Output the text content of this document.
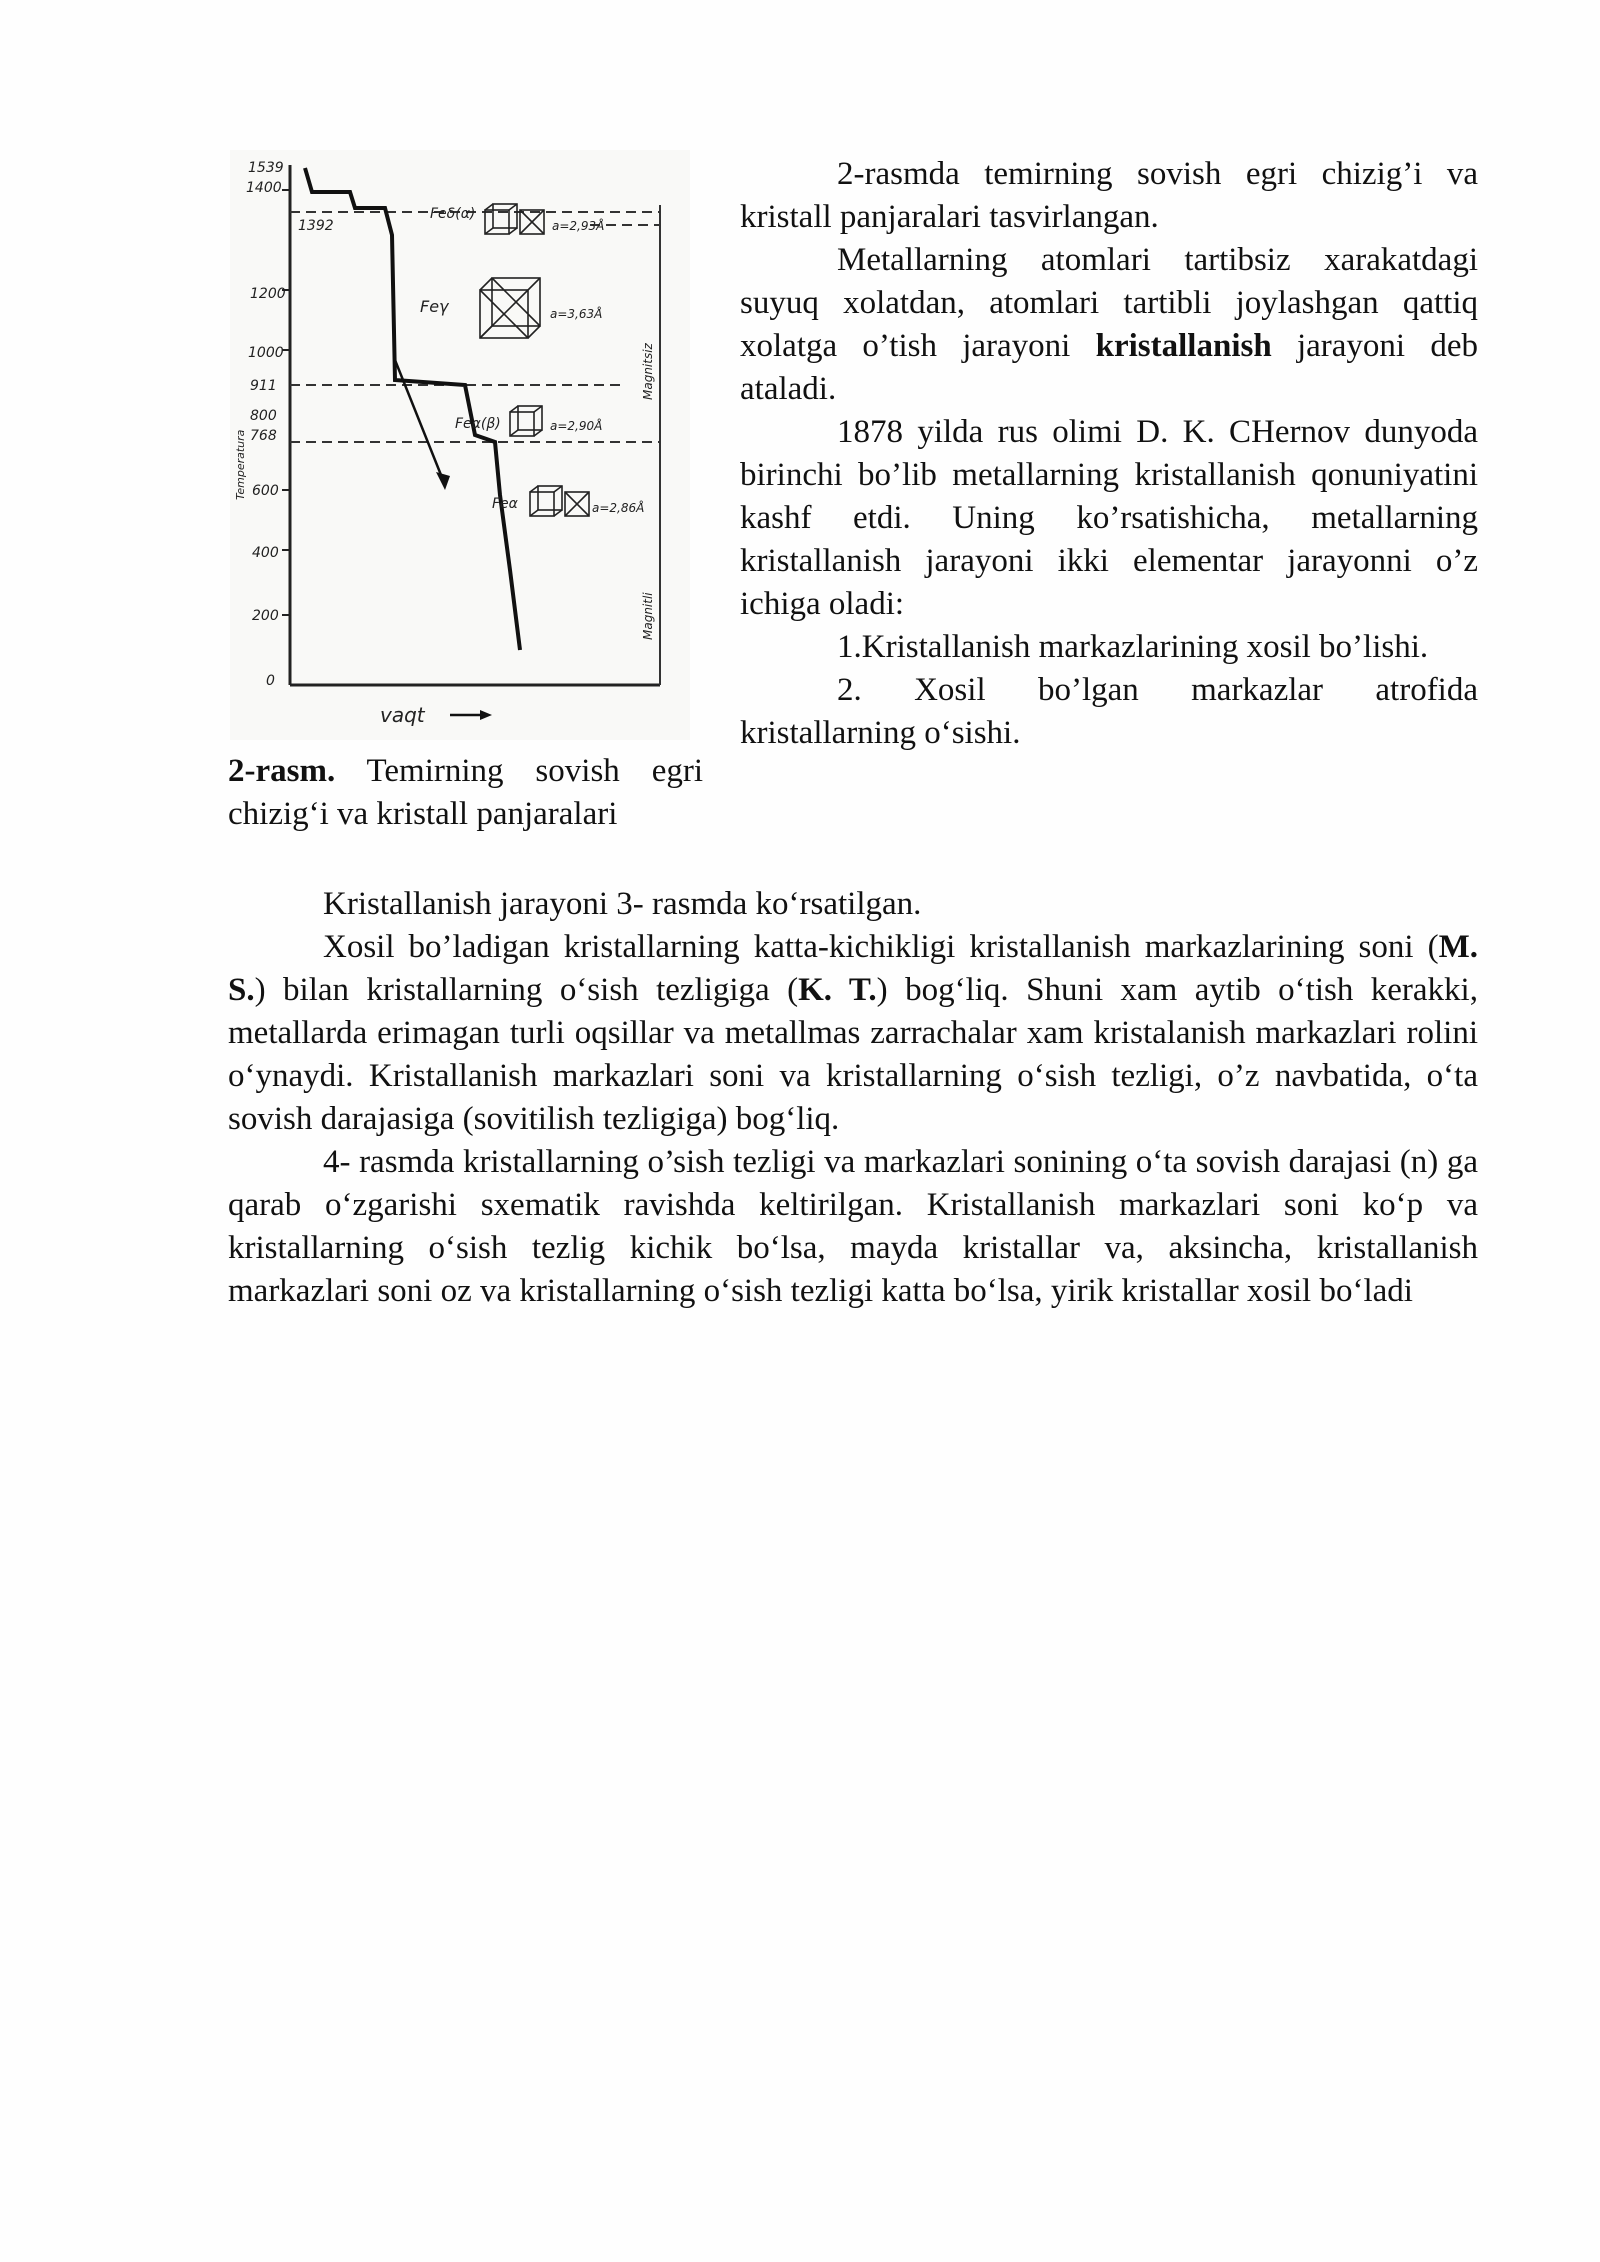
1539
1400
1392
1200
1000
911
800
768
600
400
200
0
Feδ(α)
Feγ
Feα(β)
Feα
a=2,93Å
a=3,63Å
a=2,90Å
a=2,86Å
Magnitsiz
Magnitli
Temperatura
vaqt
2-rasm. Temirning sovish egri chizig‘i va kristall panjaralari

2-rasmda temirning sovish egri chizig’i va kristall panjaralari tasvirlangan.

Metallarning atomlari tartibsiz xarakatdagi suyuq xolatdan, atomlari tartibli joylashgan qattiq xolatga o’tish jarayoni kristallanish jarayoni deb ataladi.

1878 yilda rus olimi D. K. CHernov dunyoda birinchi bo’lib metallarning kristallanish qonuniyatini kashf etdi. Uning ko’rsatishicha, metallarning kristallanish jarayoni ikki elementar jarayonni o’z ichiga oladi:

1.Kristallanish markazlarining xosil bo’lishi.

2. Xosil bo’lgan markazlar atrofida kristallarning o‘sishi.

Kristallanish jarayoni 3- rasmda ko‘rsatilgan.

Xosil bo’ladigan kristallarning katta-kichikligi kristallanish markazlarining soni (M. S.) bilan kristallarning o‘sish tezligiga (K. T.) bog‘liq. Shuni xam aytib o‘tish kerakki, metallarda erimagan turli oqsillar va metallmas zarrachalar xam kristalanish markazlari rolini o‘ynaydi. Kristallanish markazlari soni va kristallarning o‘sish tezligi, o’z navbatida, o‘ta sovish darajasiga (sovitilish tezligiga) bog‘liq.

4- rasmda kristallarning o’sish tezligi va markazlari sonining o‘ta sovish darajasi (n) ga qarab o‘zgarishi sxematik ravishda keltirilgan. Kristallanish markazlari soni ko‘p va kristallarning o‘sish tezlig kichik bo‘lsa, mayda kristallar va, aksincha, kristallanish markazlari soni oz va kristallarning o‘sish tezligi katta bo‘lsa, yirik kristallar xosil bo‘ladi
